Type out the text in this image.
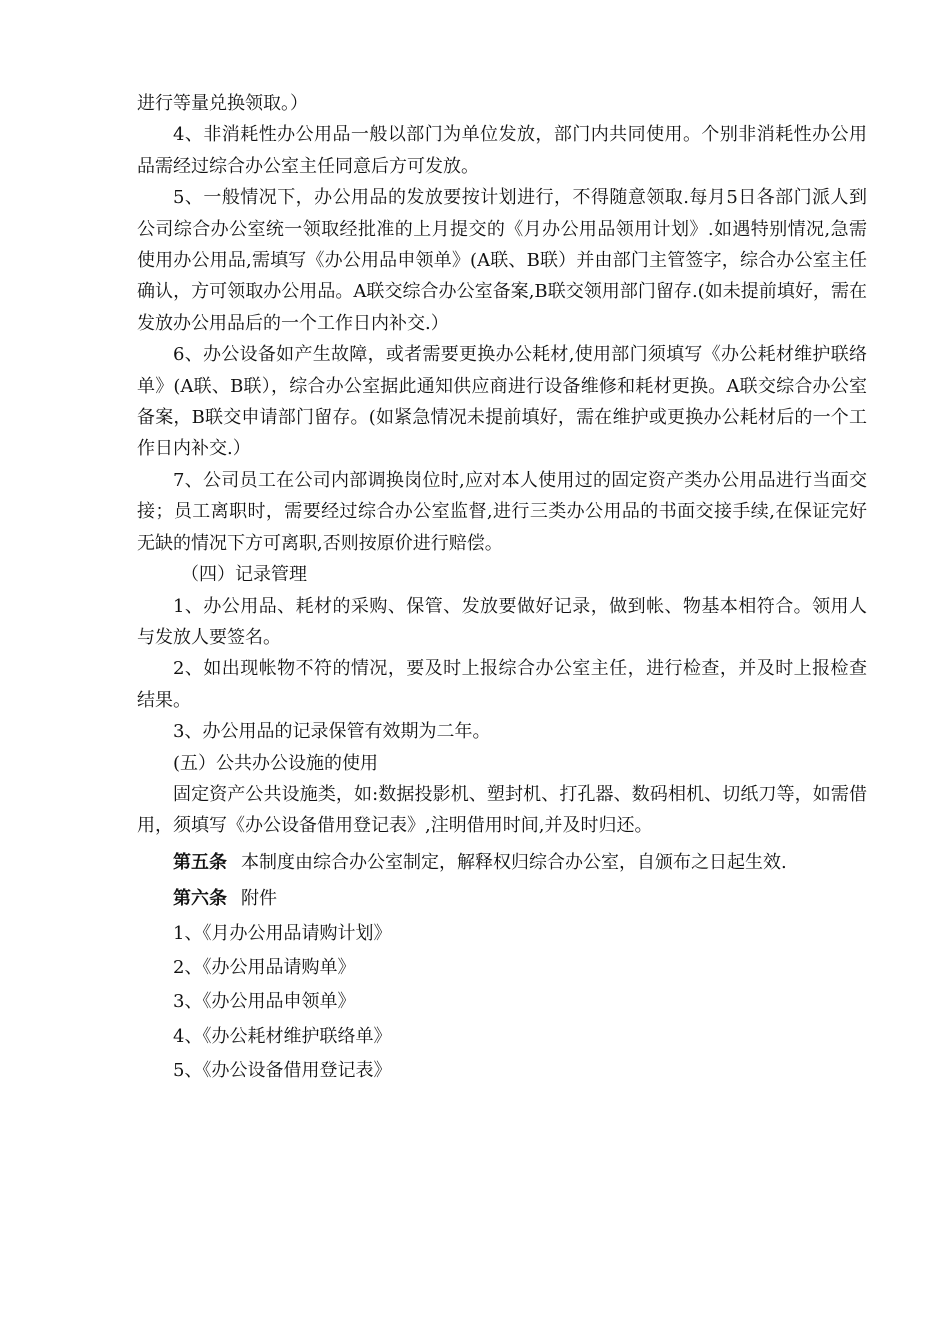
进行等量兑换领取。）

4、非消耗性办公用品一般以部门为单位发放，部门内共同使用。个别非消耗性办公用品需经过综合办公室主任同意后方可发放。

5、一般情况下，办公用品的发放要按计划进行，不得随意领取.每月5日各部门派人到公司综合办公室统一领取经批准的上月提交的《月办公用品领用计划》.如遇特别情况,急需使用办公用品,需填写《办公用品申领单》(A联、B联）并由部门主管签字，综合办公室主任确认，方可领取办公用品。A联交综合办公室备案,B联交领用部门留存.(如未提前填好，需在发放办公用品后的一个工作日内补交.）

6、办公设备如产生故障，或者需要更换办公耗材,使用部门须填写《办公耗材维护联络单》(A联、B联），综合办公室据此通知供应商进行设备维修和耗材更换。A联交综合办公室备案，B联交申请部门留存。(如紧急情况未提前填好，需在维护或更换办公耗材后的一个工作日内补交.）

7、公司员工在公司内部调换岗位时,应对本人使用过的固定资产类办公用品进行当面交接；员工离职时，需要经过综合办公室监督,进行三类办公用品的书面交接手续,在保证完好无缺的情况下方可离职,否则按原价进行赔偿。

（四）记录管理

1、办公用品、耗材的采购、保管、发放要做好记录，做到帐、物基本相符合。领用人与发放人要签名。

2、如出现帐物不符的情况，要及时上报综合办公室主任，进行检查，并及时上报检查结果。

3、办公用品的记录保管有效期为二年。

(五）公共办公设施的使用

固定资产公共设施类，如:数据投影机、塑封机、打孔器、数码相机、切纸刀等，如需借用，须填写《办公设备借用登记表》,注明借用时间,并及时归还。

第五条 本制度由综合办公室制定，解释权归综合办公室，自颁布之日起生效.

第六条 附件

1、《月办公用品请购计划》

2、《办公用品请购单》

3、《办公用品申领单》

4、《办公耗材维护联络单》

5、《办公设备借用登记表》
